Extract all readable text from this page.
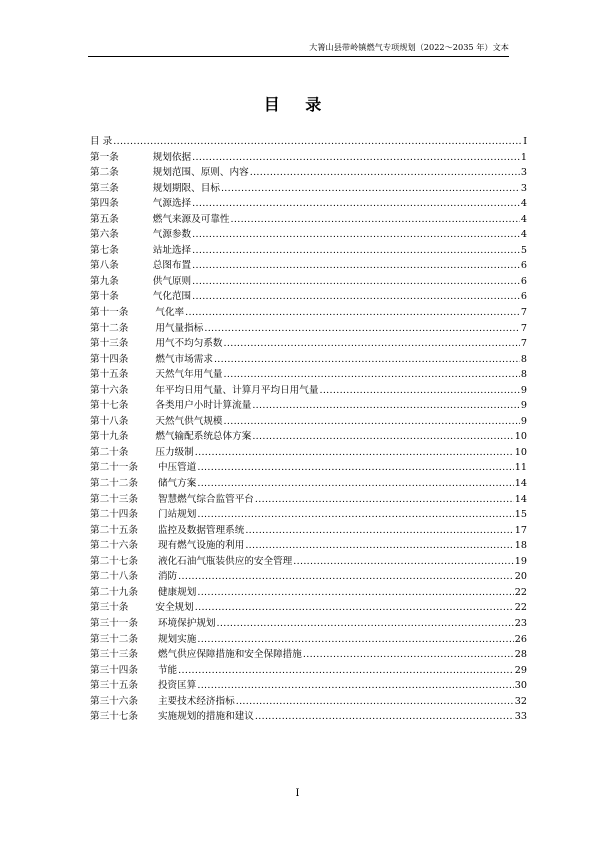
大箐山县带岭镇燃气专项规划（2022～2035 年）文本
目 录
目 录 .....	I
第一条	规划依据 .....	1
第二条	规划范围、原则、内容 .....	3
第三条	规划期限、目标 .....	3
第四条	气源选择 .....	4
第五条	燃气来源及可靠性 .....	4
第六条	气源参数 .....	4
第七条	站址选择 .....	5
第八条	总图布置 .....	6
第九条	供气原则 .....	6
第十条	气化范围 .....	6
第十一条	气化率 .....	7
第十二条	用气量指标 .....	7
第十三条	用气不均匀系数 .....	7
第十四条	燃气市场需求 .....	8
第十五条	天然气年用气量 .....	8
第十六条	年平均日用气量、计算月平均日用气量 .....	9
第十七条	各类用户小时计算流量 .....	9
第十八条	天然气供气规模 .....	9
第十九条	燃气输配系统总体方案 .....	10
第二十条	压力级制 .....	10
第二十一条 中压管道 .....	11
第二十二条 储气方案 .....	14
第二十三条 智慧燃气综合监管平台 .....	14
第二十四条 门站规划 .....	15
第二十五条 监控及数据管理系统 .....	17
第二十六条 现有燃气设施的利用 .....	18
第二十七条 液化石油气瓶装供应的安全管理 .....	19
第二十八条 消防 .....	20
第二十九条 健康规划 .....	22
第三十条	安全规划 .....	22
第三十一条 环境保护规划 .....	23
第三十二条 规划实施 .....	26
第三十三条 燃气供应保障措施和安全保障措施 .....	28
第三十四条 节能 .....	29
第三十五条 投资匡算 .....	30
第三十六条 主要技术经济指标 .....	32
第三十七条 实施规划的措施和建议 .....	33
I
